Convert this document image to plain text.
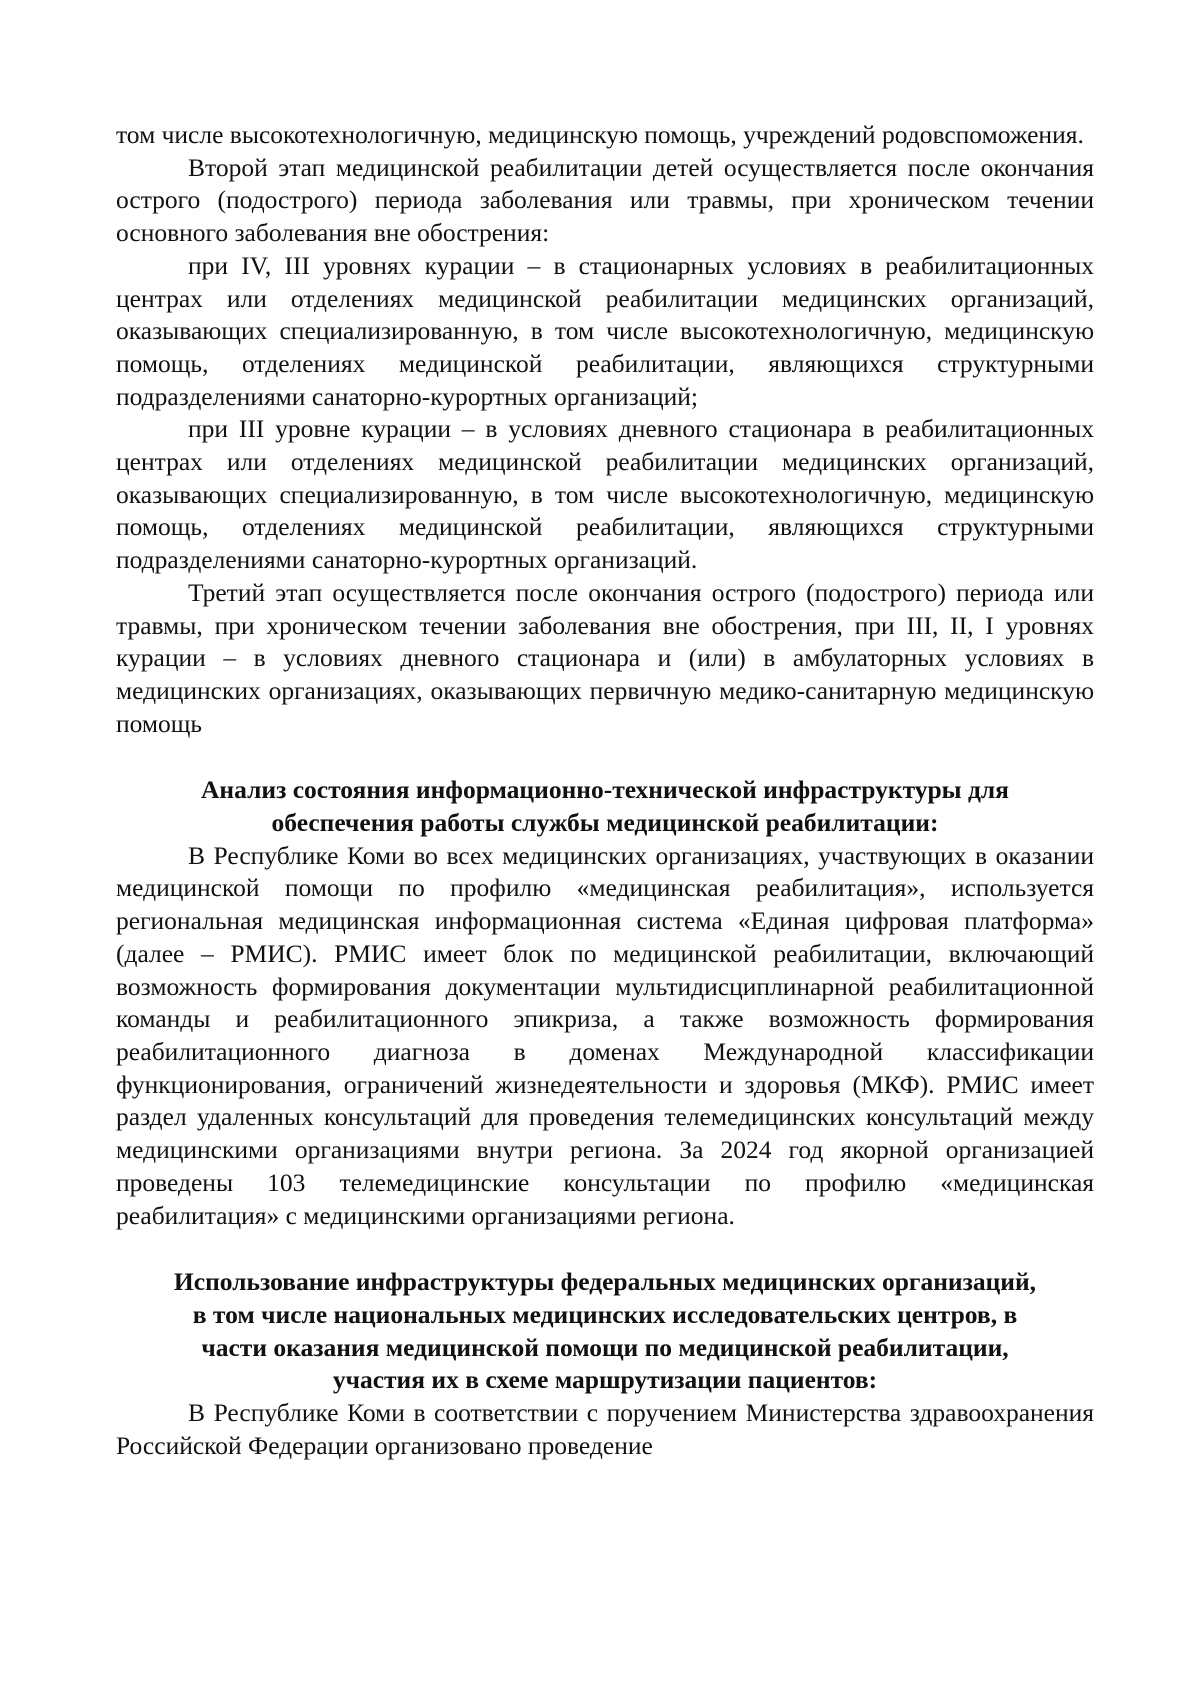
том числе высокотехнологичную, медицинскую помощь, учреждений родовспоможения.

Второй этап медицинской реабилитации детей осуществляется после окончания острого (подострого) периода заболевания или травмы, при хроническом течении основного заболевания вне обострения:

при IV, III уровнях курации – в стационарных условиях в реабилитационных центрах или отделениях медицинской реабилитации медицинских организаций, оказывающих специализированную, в том числе высокотехнологичную, медицинскую помощь, отделениях медицинской реабилитации, являющихся структурными подразделениями санаторно-курортных организаций;

при III уровне курации – в условиях дневного стационара в реабилитационных центрах или отделениях медицинской реабилитации медицинских организаций, оказывающих специализированную, в том числе высокотехнологичную, медицинскую помощь, отделениях медицинской реабилитации, являющихся структурными подразделениями санаторно-курортных организаций.

Третий этап осуществляется после окончания острого (подострого) периода или травмы, при хроническом течении заболевания вне обострения, при III, II, I уровнях курации – в условиях дневного стационара и (или) в амбулаторных условиях в медицинских организациях, оказывающих первичную медико-санитарную медицинскую помощь

Анализ состояния информационно-технической инфраструктуры для
обеспечения работы службы медицинской реабилитации:

В Республике Коми во всех медицинских организациях, участвующих в оказании медицинской помощи по профилю «медицинская реабилитация», используется региональная медицинская информационная система «Единая цифровая платформа» (далее – РМИС). РМИС имеет блок по медицинской реабилитации, включающий возможность формирования документации мультидисциплинарной реабилитационной команды и реабилитационного эпикриза, а также возможность формирования реабилитационного диагноза в доменах Международной классификации функционирования, ограничений жизнедеятельности и здоровья (МКФ). РМИС имеет раздел удаленных консультаций для проведения телемедицинских консультаций между медицинскими организациями внутри региона. За 2024 год якорной организацией проведены 103 телемедицинские консультации по профилю «медицинская реабилитация» с медицинскими организациями региона.

Использование инфраструктуры федеральных медицинских организаций,
в том числе национальных медицинских исследовательских центров, в
части оказания медицинской помощи по медицинской реабилитации,
участия их в схеме маршрутизации пациентов:

В Республике Коми в соответствии с поручением Министерства здравоохранения Российской Федерации организовано проведение
